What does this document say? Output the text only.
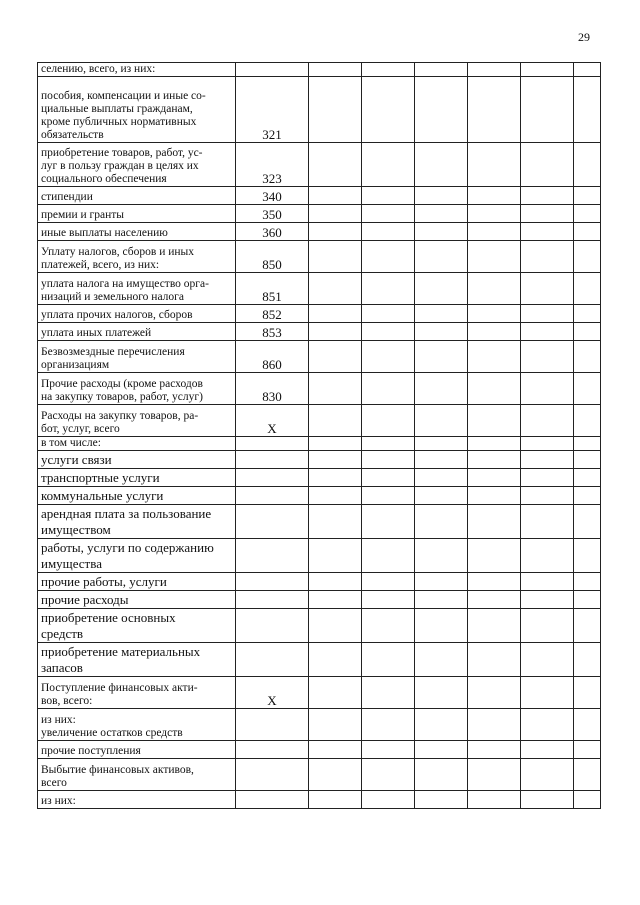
29
селению, всего, из них:							
пособия, компенсации и иные со-
циальные выплаты гражданам,
кроме публичных нормативных
обязательств	321						
приобретение товаров, работ, ус-
луг в пользу граждан в целях их
социального обеспечения	323						
стипендии	340						
премии и гранты	350						
иные выплаты населению	360						
Уплату налогов, сборов и иных
платежей, всего, из них:	850						
уплата налога на имущество орга-
низаций и земельного налога	851						
уплата прочих налогов, сборов	852						
уплата иных платежей	853						
Безвозмездные перечисления
организациям	860						
Прочие расходы (кроме расходов
на закупку товаров, работ, услуг)	830						
Расходы на закупку товаров, ра-
бот, услуг, всего	X						
в том числе:							
услуги связи							
транспортные услуги							
коммунальные услуги							
арендная плата за пользование
имуществом							
работы, услуги по содержанию
имущества							
прочие работы, услуги							
прочие расходы							
приобретение основных
средств							
приобретение материальных
запасов							
Поступление финансовых акти-
вов, всего:	X						
из них:
увеличение остатков средств							
прочие поступления							
Выбытие финансовых активов,
всего							
из них:							
